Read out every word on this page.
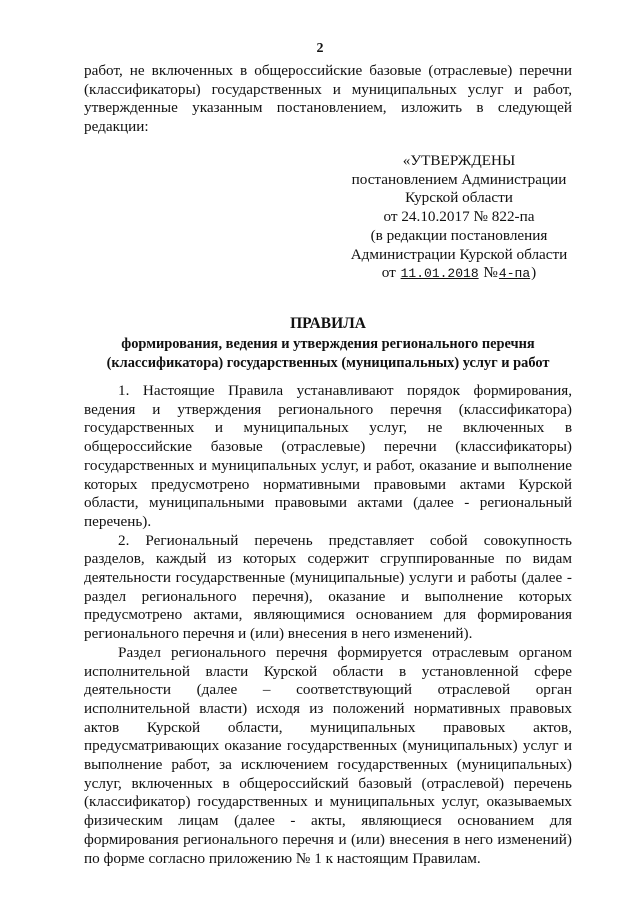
2

работ, не включенных в общероссийские базовые (отраслевые) перечни (классификаторы) государственных и муниципальных услуг и работ, утвержденные указанным постановлением, изложить в следующей редакции:

«УТВЕРЖДЕНЫ
постановлением Администрации
Курской области
от 24.10.2017 № 822-па
(в редакции постановления
Администрации Курской области
от 11.01.2018 №4-па)
ПРАВИЛА
формирования, ведения и утверждения регионального перечня
(классификатора) государственных (муниципальных) услуг и работ

1. Настоящие Правила устанавливают порядок формирования, ведения и утверждения регионального перечня (классификатора) государственных и муниципальных услуг, не включенных в общероссийские базовые (отраслевые) перечни (классификаторы) государственных и муниципальных услуг, и работ, оказание и выполнение которых предусмотрено нормативными правовыми актами Курской области, муниципальными правовыми актами (далее - региональный перечень).

2. Региональный перечень представляет собой совокупность разделов, каждый из которых содержит сгруппированные по видам деятельности государственные (муниципальные) услуги и работы (далее - раздел регионального перечня), оказание и выполнение которых предусмотрено актами, являющимися основанием для формирования регионального перечня и (или) внесения в него изменений).

Раздел регионального перечня формируется отраслевым органом исполнительной власти Курской области в установленной сфере деятельности (далее – соответствующий отраслевой орган исполнительной власти) исходя из положений нормативных правовых актов Курской области, муниципальных правовых актов, предусматривающих оказание государственных (муниципальных) услуг и выполнение работ, за исключением государственных (муниципальных) услуг, включенных в общероссийский базовый (отраслевой) перечень (классификатор) государственных и муниципальных услуг, оказываемых физическим лицам (далее - акты, являющиеся основанием для формирования регионального перечня и (или) внесения в него изменений) по форме согласно приложению № 1 к настоящим Правилам.
